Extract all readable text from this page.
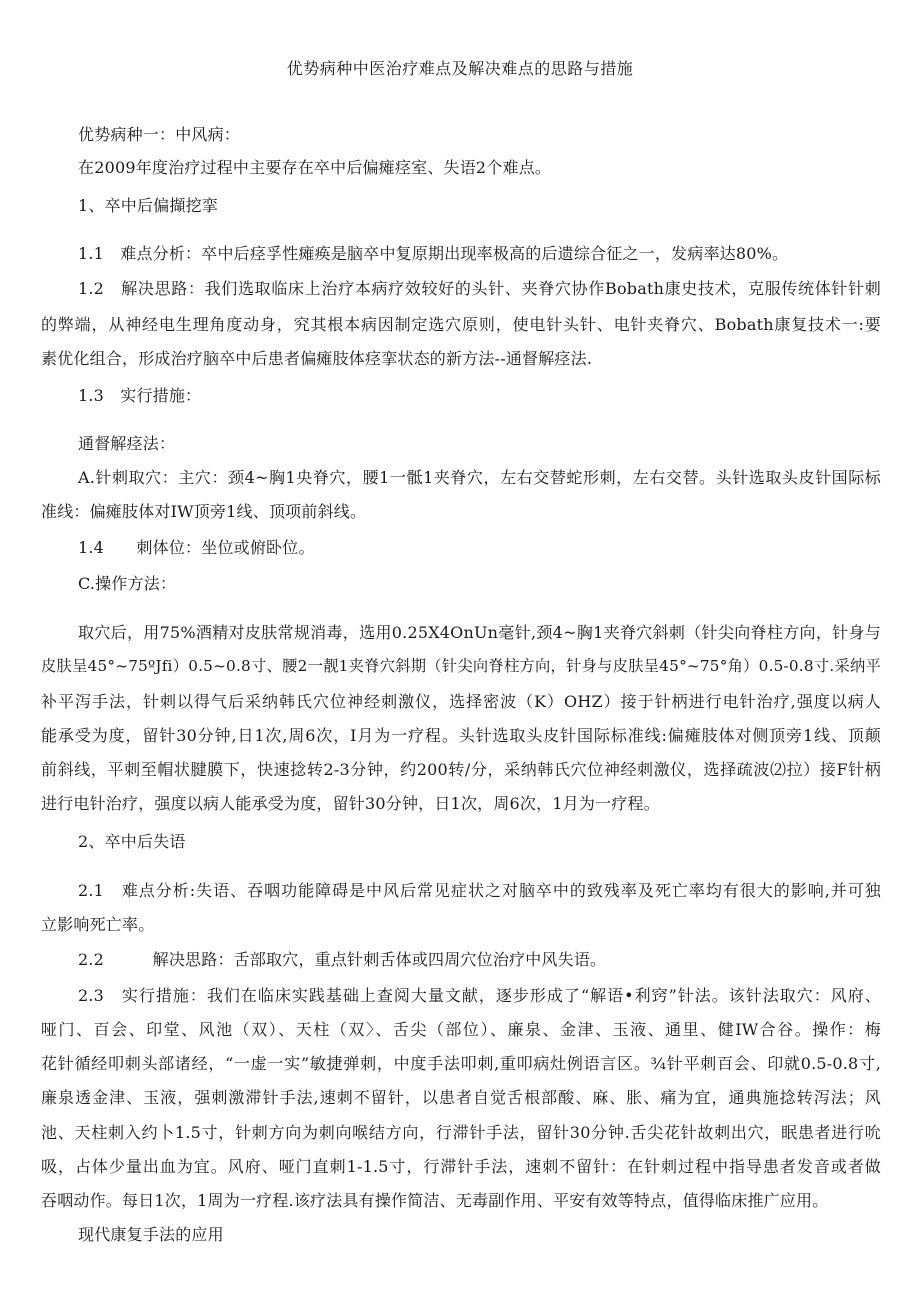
优势病种中医治疗难点及解决难点的思路与措施
优势病种一：中风病：
在2009年度治疗过程中主要存在卒中后偏瘫痉室、失语2个难点。
1、卒中后偏擷挖挛
1.1　难点分析：卒中后痉孚性瘫痪是脑卒中复原期出现率极高的后遗综合征之一，发病率达80%。
1.2　解决思路：我们选取临床上治疗本病疗效较好的头针、夹脊穴协作Bobath康史技术，克服传统体针针刺
的弊端，从神经电生理角度动身，究其根本病因制定选穴原则，使电针头针、电针夹脊穴、Bobath康复技术一:要
素优化组合，形成治疗脑卒中后患者偏瘫肢体痉挛状态的新方法--通督解痉法.
1.3　实行措施：
通督解痉法：
A.针刺取穴：主穴：颈4~胸1央脊穴，腰1一骶1夹脊穴，左右交替蛇形刺，左右交替。头针选取头皮针国际标
准线：偏瘫肢体对IW顶旁1线、顶项前斜线。
1.4　　刺体位：坐位或俯卧位。
C.操作方法：
取穴后，用75%酒精对皮肤常规消毒，选用0.25X4OnUn毫针,颈4~胸1夹脊穴斜刺（针尖向脊柱方向，针身与
皮肤呈45°~75ºJfi）0.5~0.8寸、腰2一靓1夹脊穴斜期（针尖向脊柱方向，针身与皮肤呈45°~75°角）0.5-0.8寸.采纳平
补平泻手法，针刺以得气后采纳韩氏穴位神经刺激仪，选择密波（K）OHZ）接于针柄进行电针治疗,强度以病人
能承受为度，留针30分钟,日1次,周6次，I月为一疗程。头针选取头皮针国际标准线:偏瘫肢体对侧顶旁1线、顶颠
前斜线，平刺至帽状腱膜下，快速捻转2-3分钟，约200转/分，采纳韩氏穴位神经刺激仪，选择疏波⑵拉）接F针柄
进行电针治疗，强度以病人能承受为度，留针30分钟，日1次，周6次，1月为一疗程。
2、卒中后失语
2.1　难点分析:失语、吞咽功能障碍是中风后常见症状之对脑卒中的致残率及死亡率均有很大的影响,并可独
立影响死亡率。
2.2　　　解决思路：舌部取穴，重点针刺舌体或四周穴位治疗中风失语。
2.3　实行措施：我们在临床实践基础上查阅大量文献，逐步形成了“解语•利窍”针法。该针法取穴：风府、
哑门、百会、印堂、风池（双）、天柱（双〉、舌尖（部位）、廉泉、金津、玉液、通里、健IW合谷。操作：梅
花针循经叩刺头部诸经，“一虚一实”敏捷弹刺，中度手法叩刺,重叩病灶例语言区。¾针平刺百会、印就0.5-0.8寸,
廉泉透金津、玉液，强刺激滞针手法,速刺不留针，以患者自觉舌根部酸、麻、胀、痛为宜，通典施捻转泻法；风
池、天柱刺入约卜1.5寸，针刺方向为刺向喉结方向，行滞针手法，留针30分钟.舌尖花针故刺出穴，眠患者进行吮
吸，占体少量出血为宜。风府、哑门直刺1-1.5寸，行滞针手法，速刺不留针：在针刺过程中指导患者发音或者做
吞咽动作。每日1次，1周为一疗程.该疗法具有操作简洁、无毒副作用、平安有效等特点，值得临床推广应用。
现代康复手法的应用
